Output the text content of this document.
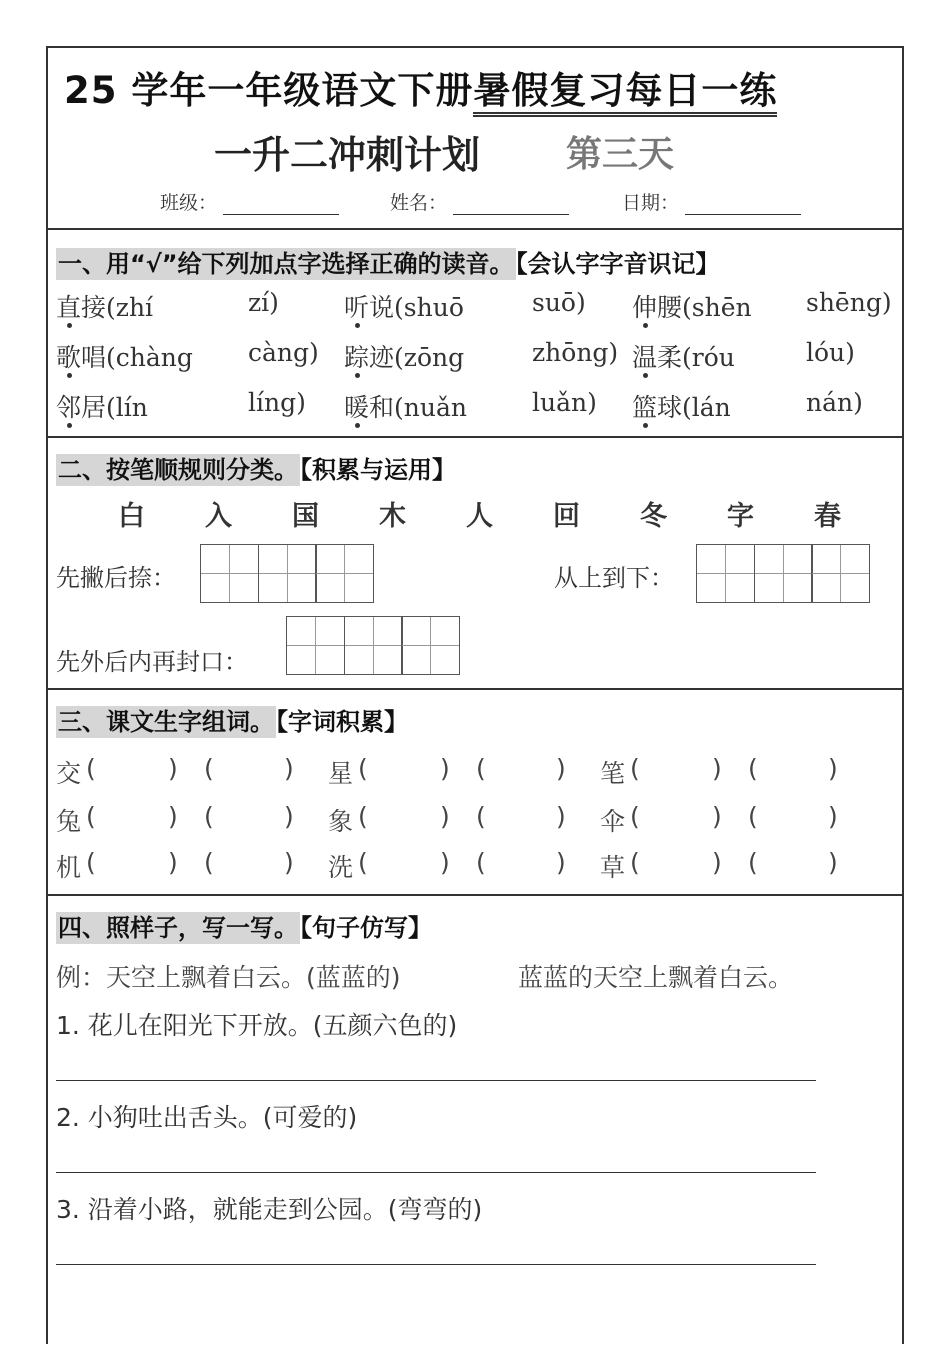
25 学年一年级语文下册暑假复习每日一练
一升二冲刺计划 第三天
班级：	姓名：	日期：
一、用“√”给下列加点字选择正确的读音。【会认字字音识记】
直接(zhí	zí)	听说(shuō	suō) 伸腰(shēn shēng)
歌唱(chàng càng) 踪迹(zōng	zhōng) 温柔(róu	lóu)
邻居(lín	líng) 暖和(nuǎn	luǎn) 篮球(lán	nán)
二、按笔顺规则分类。【积累与运用】
白 入 国 木 人 回 冬 字 春
先撇后捺：	从上到下：
先外后内再封口：
三、课文生字组词。【字词积累】
交 (	) (	) 星 (	) (	) 笔 (	) (	)
兔 (	) (	) 象 (	) (	) 伞 (	) (	)
机 (	) (	) 洗 (	) (	) 草 (	) (	)
四、照样子，写一写。【句子仿写】
例：天空上飘着白云。(蓝蓝的)	蓝蓝的天空上飘着白云。
1. 花儿在阳光下开放。(五颜六色的)
2. 小狗吐出舌头。(可爱的)
3. 沿着小路，就能走到公园。(弯弯的)
